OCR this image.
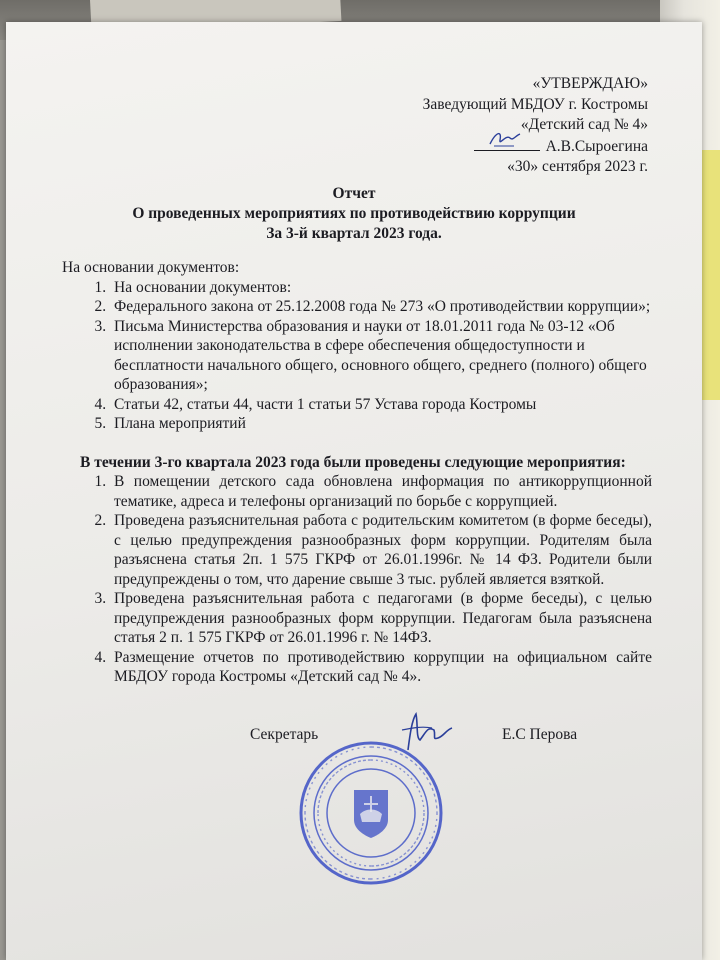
«УТВЕРЖДАЮ»
Заведующий МБДОУ г. Костромы
«Детский сад № 4»
А.В.Сыроегина
«30» сентября 2023 г.
Отчет
О проведенных мероприятиях по противодействию коррупции
За 3-й квартал 2023 года.
На основании документов:
1. На основании документов:
2. Федерального закона от 25.12.2008 года № 273 «О противодействии коррупции»;
3. Письма Министерства образования и науки от 18.01.2011 года № 03-12 «Об исполнении законодательства в сфере обеспечения общедоступности и бесплатности начального общего, основного общего, среднего (полного) общего образования»;
4. Статьи 42, статьи 44, части 1 статьи 57 Устава города Костромы
5. Плана мероприятий
В течении 3-го квартала 2023 года были проведены следующие мероприятия:
1. В помещении детского сада обновлена информация по антикоррупционной тематике, адреса и телефоны организаций по борьбе с коррупцией.
2. Проведена разъяснительная работа с родительским комитетом (в форме беседы), с целью предупреждения разнообразных форм коррупции. Родителям была разъяснена статья 2п. 1 575 ГКРФ от 26.01.1996г. № 14 ФЗ. Родители были предупреждены о том, что дарение свыше 3 тыс. рублей является взяткой.
3. Проведена разъяснительная работа с педагогами (в форме беседы), с целью предупреждения разнообразных форм коррупции. Педагогам была разъяснена статья 2 п. 1 575 ГКРФ от 26.01.1996 г. № 14ФЗ.
4. Размещение отчетов по противодействию коррупции на официальном сайте МБДОУ города Костромы «Детский сад № 4».
Секретарь	Е.С Перова
